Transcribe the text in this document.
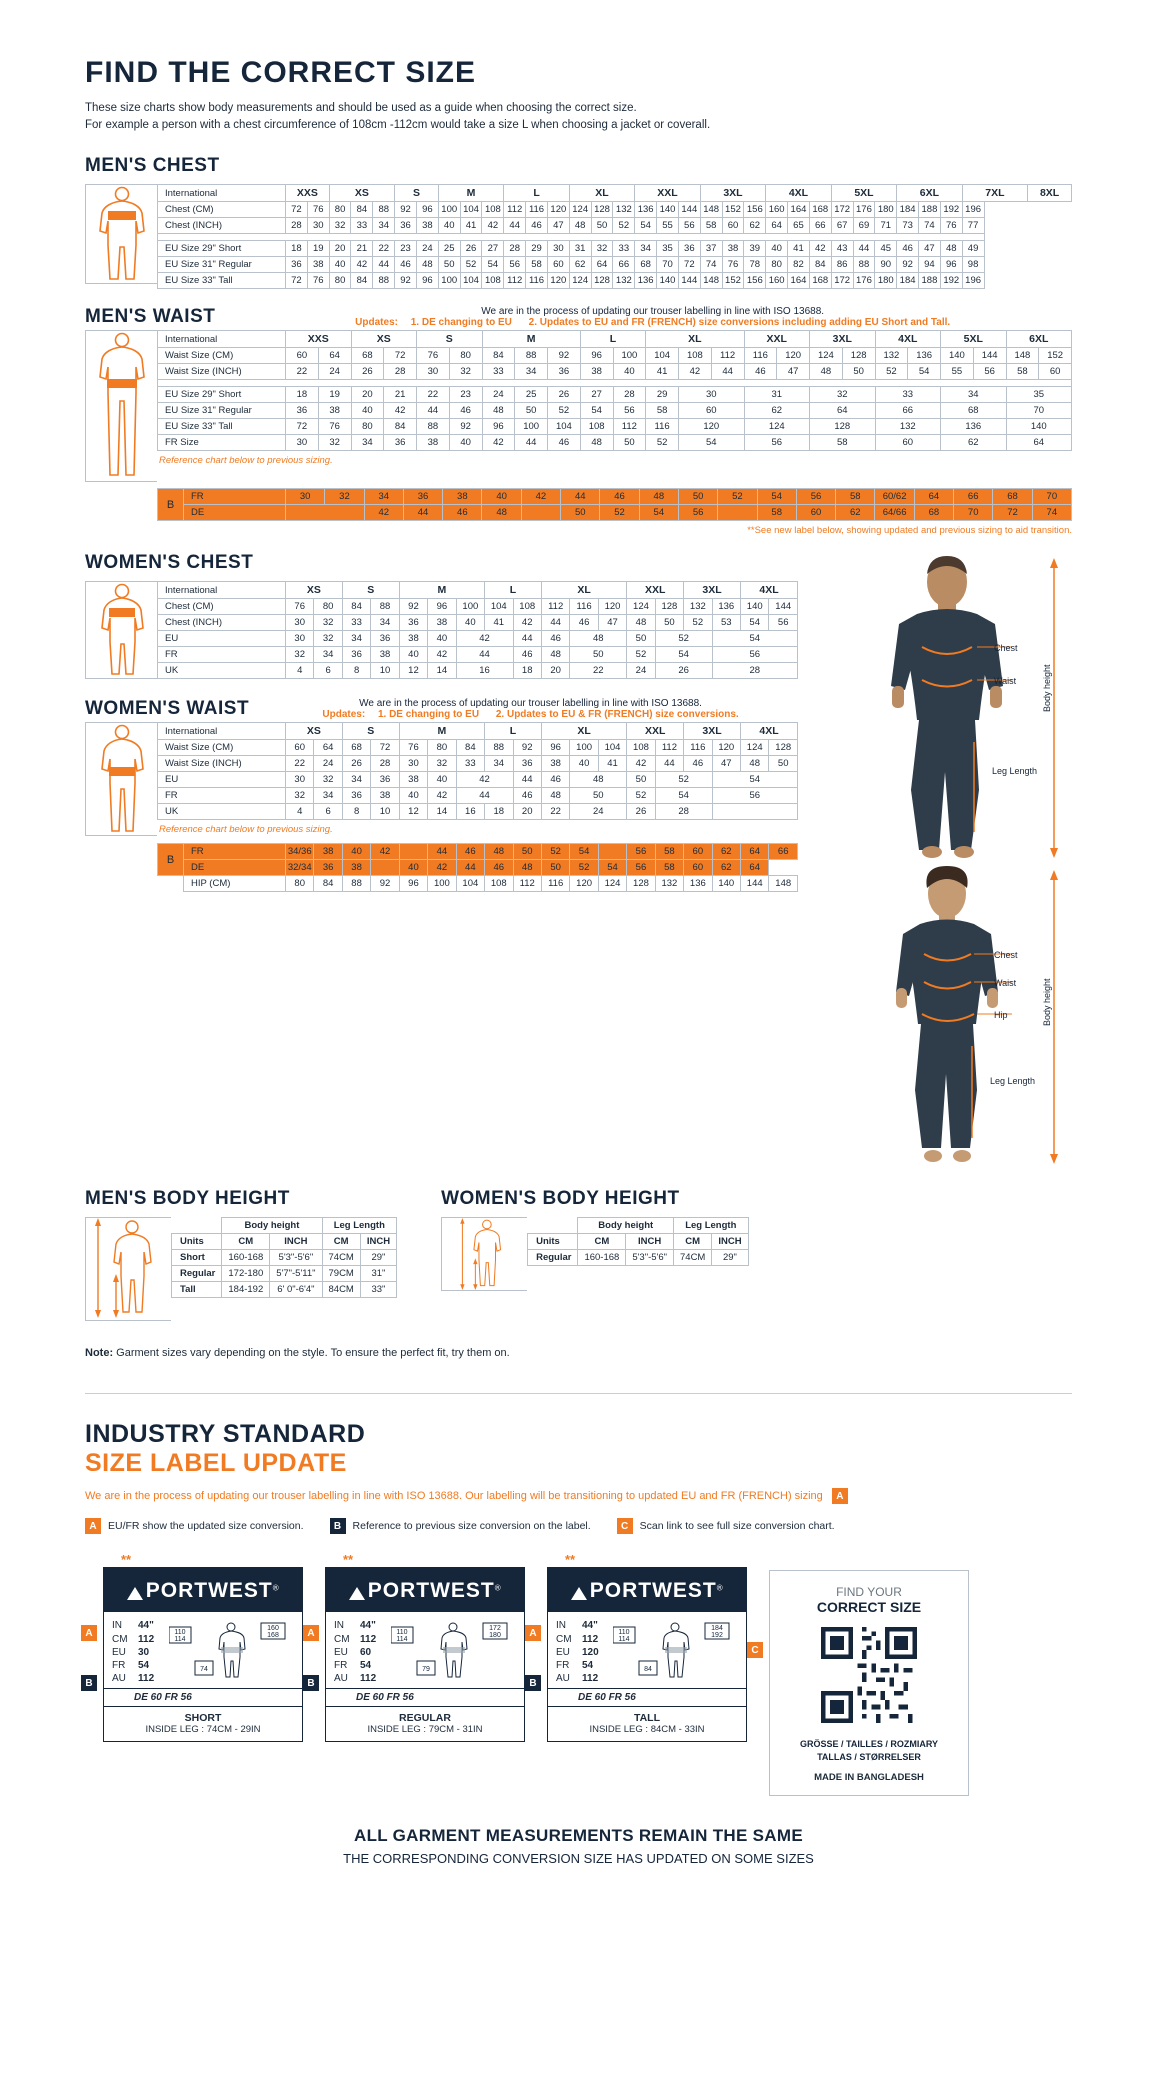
FIND THE CORRECT SIZE
These size charts show body measurements and should be used as a guide when choosing the correct size.
For example a person with a chest circumference of 108cm -112cm would take a size L when choosing a jacket or coverall.
MEN'S CHEST
International	XXS		XS			S		M			L			XL			XXL			3XL			4XL			5XL			6XL			7XL	8XL
Chest (CM)	72	76	80	84	88	92	96	100	104	108	112	116	120	124	128	132	136	140	144	148	152	156	160	164	168	172	176	180	184	188	192	196	
Chest (INCH)	28	30	32	33	34	36	38	40	41	42	44	46	47	48	50	52	54	55	56	58	60	62	64	65	66	67	69	71	73	74	76	77	

EU Size 29" Short	18	19	20	21	22	23	24	25	26	27	28	29	30	31	32	33	34	35	36	37	38	39	40	41	42	43	44	45	46	47	48	49	
EU Size 31" Regular	36	38	40	42	44	46	48	50	52	54	56	58	60	62	64	66	68	70	72	74	76	78	80	82	84	86	88	90	92	94	96	98	
EU Size 33" Tall	72	76	80	84	88	92	96	100	104	108	112	116	120	124	128	132	136	140	144	148	152	156	160	164	168	172	176	180	184	188	192	196	
MEN'S WAIST	We are in the process of updating our trouser labelling in line with ISO 13688.
Updates: 1. DE changing to EU 2. Updates to EU and FR (FRENCH) size conversions including adding EU Short and Tall.
International	XXS		XS		S		M			L		XL			XXL		3XL		4XL		5XL		6XL	
Waist Size (CM)	60	64	68	72	76	80	84	88	92	96	100	104	108	112	116	120	124	128	132	136	140	144	148	152
Waist Size (INCH)	22	24	26	28	30	32	33	34	36	38	40	41	42	44	46	47	48	50	52	54	55	56	58	60

EU Size 29" Short	18	19	20	21	22	23	24	25	26	27	28	29	30		31		32		33		34		35	
EU Size 31" Regular	36	38	40	42	44	46	48	50	52	54	56	58	60		62		64		66		68		70	
EU Size 33" Tall	72	76	80	84	88	92	96	100	104	108	112	116	120		124		128		132		136		140	
FR Size	30	32	34	36	38	40	42	44	46	48	50	52	54		56		58		60		62		64	
Reference chart below to previous sizing.
B	FR	30	32	34	36	38	40	42	44	46	48	50	52	54	56	58	60/62	64	66	68	70
	DE			42	44	46	48		50	52	54	56		58	60	62	64/66	68	70	72	74
**See new label below, showing updated and previous sizing to aid transition.
WOMEN'S CHEST
International	XS		S		M			L		XL			XXL		3XL		4XL	
Chest (CM)	76	80	84	88	92	96	100	104	108	112	116	120	124	128	132	136	140	144
Chest (INCH)	30	32	33	34	36	38	40	41	42	44	46	47	48	50	52	53	54	56
EU	30	32	34	36	38	40	42		44	46	48		50	52		54		
FR	32	34	36	38	40	42	44		46	48	50		52	54		56		
UK	4	6	8	10	12	14	16		18	20	22		24	26		28		
WOMEN'S WAIST	We are in the process of updating our trouser labelling in line with ISO 13688.
Updates: 1. DE changing to EU 2. Updates to EU & FR (FRENCH) size conversions.
International	XS		S		M			L		XL			XXL		3XL		4XL	
Waist Size (CM)	60	64	68	72	76	80	84	88	92	96	100	104	108	112	116	120	124	128
Waist Size (INCH)	22	24	26	28	30	32	33	34	36	38	40	41	42	44	46	47	48	50
EU	30	32	34	36	38	40	42		44	46	48		50	52		54		
FR	32	34	36	38	40	42	44		46	48	50		52	54		56		
UK	4	6	8	10	12	14	16	18	20	22	24		26	28				
Reference chart below to previous sizing.
B	FR	34/36	38	40	42		44	46	48	50	52	54		56	58	60	62	64	66
	DE	32/34	36	38		40	42	44	46	48	50	52	54	56	58	60	62	64	
	HIP (CM)	80	84	88	92	96	100	104	108	112	116	120	124	128	132	136	140	144	148
Chest
Waist
Leg Length
Body height
Chest
Waist
Hip
Leg Length
Body height
MEN'S BODY HEIGHT
	Body height		Leg Length	
Units	CM	INCH	CM	INCH
Short	160-168	5'3"-5'6"	74CM	29"
Regular	172-180	5'7"-5'11"	79CM	31"
Tall	184-192	6' 0"-6'4"	84CM	33"
WOMEN'S BODY HEIGHT
	Body height		Leg Length	
Units	CM	INCH	CM	INCH
Regular	160-168	5'3"-5'6"	74CM	29"
Note: Garment sizes vary depending on the style. To ensure the perfect fit, try them on.
INDUSTRY STANDARD
SIZE LABEL UPDATE
We are in the process of updating our trouser labelling in line with ISO 13688. Our labelling will be transitioning to updated EU and FR (FRENCH) sizing A
A	EU/FR show the updated size conversion.	B	Reference to previous size conversion on the label.	C	Scan link to see full size conversion chart.
**
A
B
PORTWEST®
IN	44"
CM	112
EU	30
FR	54
AU	112
110
114
160
168
74
DE 60 FR 56
SHORT
INSIDE LEG : 74CM - 29IN
**
A
B
PORTWEST®
IN	44"
CM	112
EU	60
FR	54
AU	112
110
114
172
180
79
DE 60 FR 56
REGULAR
INSIDE LEG : 79CM - 31IN
**
A
B
PORTWEST®
IN	44"
CM	112
EU	120
FR	54
AU	112
110
114
184
192
84
DE 60 FR 56
TALL
INSIDE LEG : 84CM - 33IN
C
FIND YOUR
CORRECT SIZE
GRÖSSE / TAILLES / ROZMIARY
TALLAS / STØRRELSER
MADE IN BANGLADESH
ALL GARMENT MEASUREMENTS REMAIN THE SAME
THE CORRESPONDING CONVERSION SIZE HAS UPDATED ON SOME SIZES
